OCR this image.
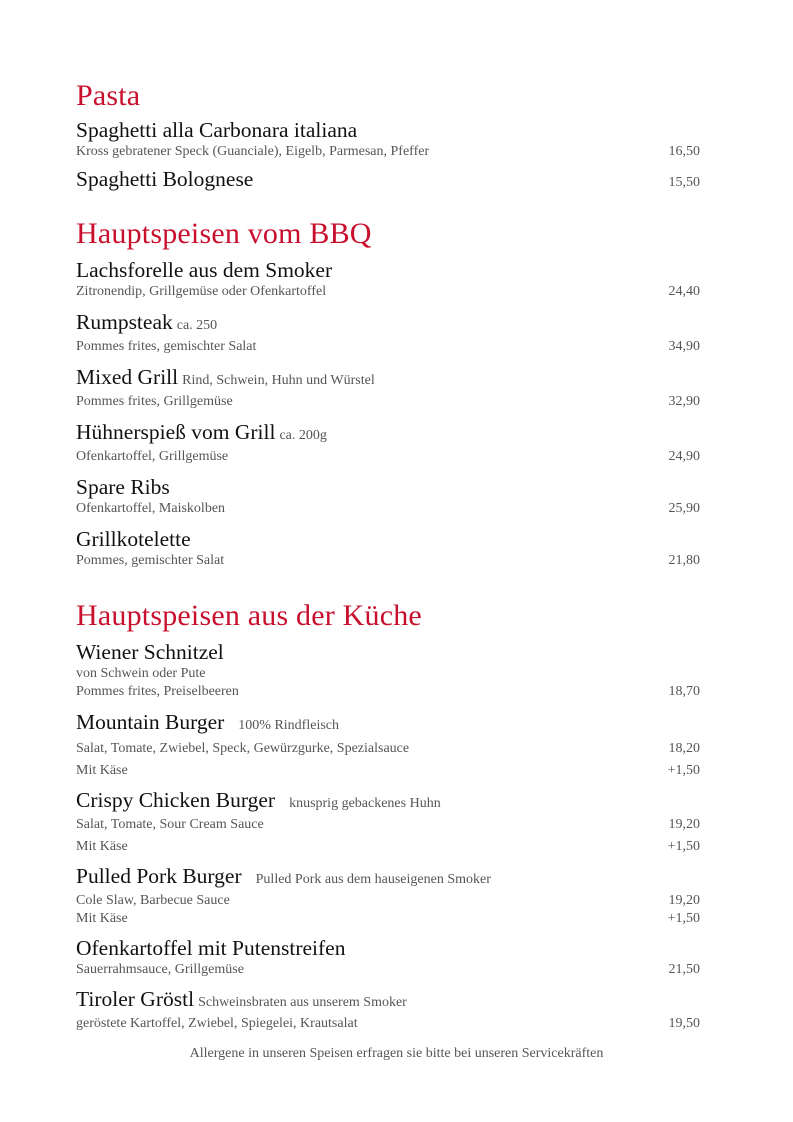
Pasta
Spaghetti alla Carbonara italiana
Kross gebratener Speck (Guanciale), Eigelb, Parmesan, Pfeffer	16,50
Spaghetti Bolognese	15,50
Hauptspeisen vom BBQ
Lachsforelle aus dem Smoker
Zitronendip, Grillgemüse oder Ofenkartoffel	24,40
Rumpsteak ca. 250
Pommes frites, gemischter Salat	34,90
Mixed Grill Rind, Schwein, Huhn und Würstel
Pommes frites, Grillgemüse	32,90
Hühnerspieß vom Grill ca. 200g
Ofenkartoffel, Grillgemüse	24,90
Spare Ribs
Ofenkartoffel, Maiskolben	25,90
Grillkotelette
Pommes, gemischter Salat	21,80
Hauptspeisen aus der Küche
Wiener Schnitzel
von Schwein oder Pute
Pommes frites, Preiselbeeren	18,70
Mountain Burger 100% Rindfleisch
Salat, Tomate, Zwiebel, Speck, Gewürzgurke, Spezialsauce	18,20
Mit Käse	+1,50
Crispy Chicken Burger knusprig gebackenes Huhn
Salat, Tomate, Sour Cream Sauce	19,20
Mit Käse	+1,50
Pulled Pork Burger Pulled Pork aus dem hauseigenen Smoker
Cole Slaw, Barbecue Sauce	19,20
Mit Käse	+1,50
Ofenkartoffel mit Putenstreifen
Sauerrahmsauce, Grillgemüse	21,50
Tiroler Gröstl Schweinsbraten aus unserem Smoker
geröstete Kartoffel, Zwiebel, Spiegelei, Krautsalat	19,50
Allergene in unseren Speisen erfragen sie bitte bei unseren Servicekräften
